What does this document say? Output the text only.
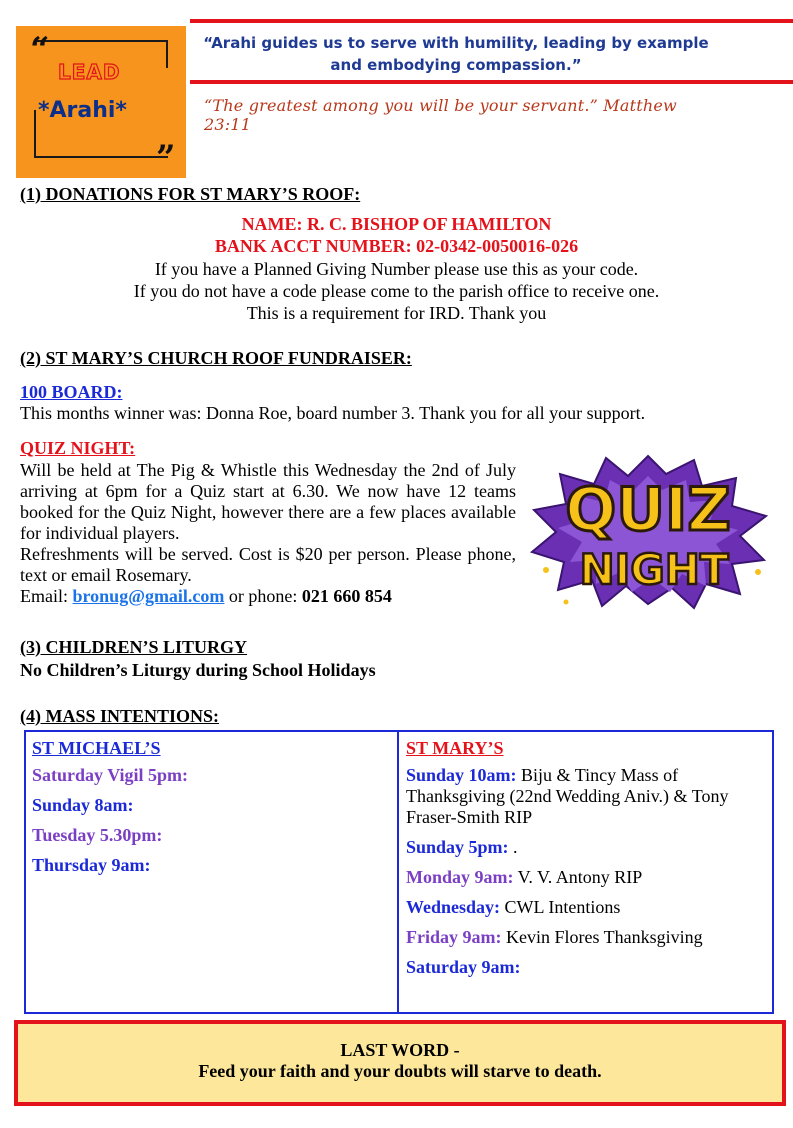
“
”
LEAD
*Arahi*
“Arahi guides us to serve with humility, leading by example
and embodying compassion.”
“The greatest among you will be your servant.” Matthew 23:11
(1) DONATIONS FOR ST MARY’S ROOF:
NAME: R. C. BISHOP OF HAMILTON
BANK ACCT NUMBER: 02-0342-0050016-026
If you have a Planned Giving Number please use this as your code.
If you do not have a code please come to the parish office to receive one.
This is a requirement for IRD. Thank you
(2) ST MARY’S CHURCH ROOF FUNDRAISER:
100 BOARD:
This months winner was: Donna Roe, board number 3. Thank you for all your support.
QUIZ NIGHT:

Will be held at The Pig & Whistle this Wednesday the 2nd of July arriving at 6pm for a Quiz start at 6.30. We now have 12 teams booked for the Quiz Night, however there are a few places available for individual players.

Refreshments will be served. Cost is $20 per person. Please phone, text or email Rosemary.

Email: bronug@gmail.com or phone: 021 660 854

QUIZ
NIGHT
(3) CHILDREN’S LITURGY
No Children’s Liturgy during School Holidays
(4) MASS INTENTIONS:
ST MICHAEL’S
Saturday Vigil 5pm:
Sunday 8am:
Tuesday 5.30pm:
Thursday 9am:
ST MARY’S
Sunday 10am: Biju & Tincy Mass of Thanksgiving (22nd Wedding Aniv.) & Tony Fraser-Smith RIP
Sunday 5pm: .
Monday 9am: V. V. Antony RIP
Wednesday: CWL Intentions
Friday 9am: Kevin Flores Thanksgiving
Saturday 9am:
LAST WORD -
Feed your faith and your doubts will starve to death.
